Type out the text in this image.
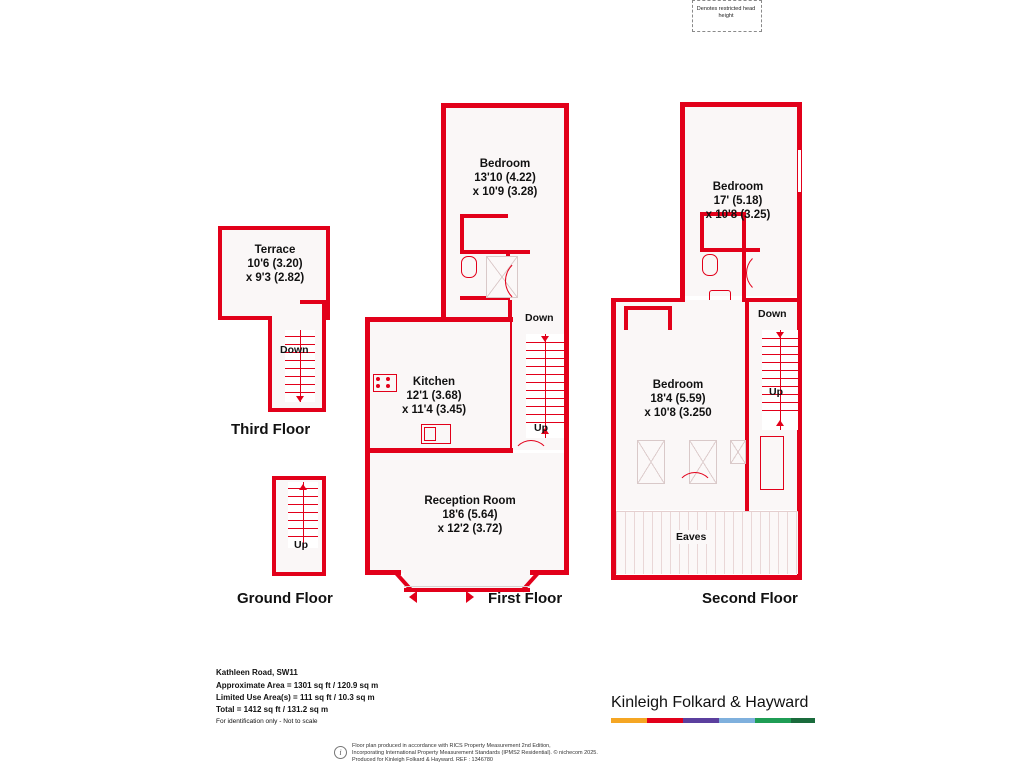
Denotes restricted head height
Down
Terrace
10'6 (3.20)
x 9'3 (2.82)
Third Floor
Up
Ground Floor
Down
Up
Bedroom
13'10 (4.22)
x 10'9 (3.28)
Kitchen
12'1 (3.68)
x 11'4 (3.45)
Reception Room
18'6 (5.64)
x 12'2 (3.72)
First Floor
Down
Up
Eaves
Bedroom
17' (5.18)
x 10'8 (3.25)
Bedroom
18'4 (5.59)
x 10'8 (3.250
Second Floor
Kathleen Road, SW11
Approximate Area = 1301 sq ft / 120.9 sq m
Limited Use Area(s) = 111 sq ft / 10.3 sq m
Total = 1412 sq ft / 131.2 sq m
For identification only - Not to scale
Kinleigh Folkard & Hayward
i
Floor plan produced in accordance with RICS Property Measurement 2nd Edition,
Incorporating International Property Measurement Standards (IPMS2 Residential). © nichecom 2025.
Produced for Kinleigh Folkard & Hayward. REF : 1346780
